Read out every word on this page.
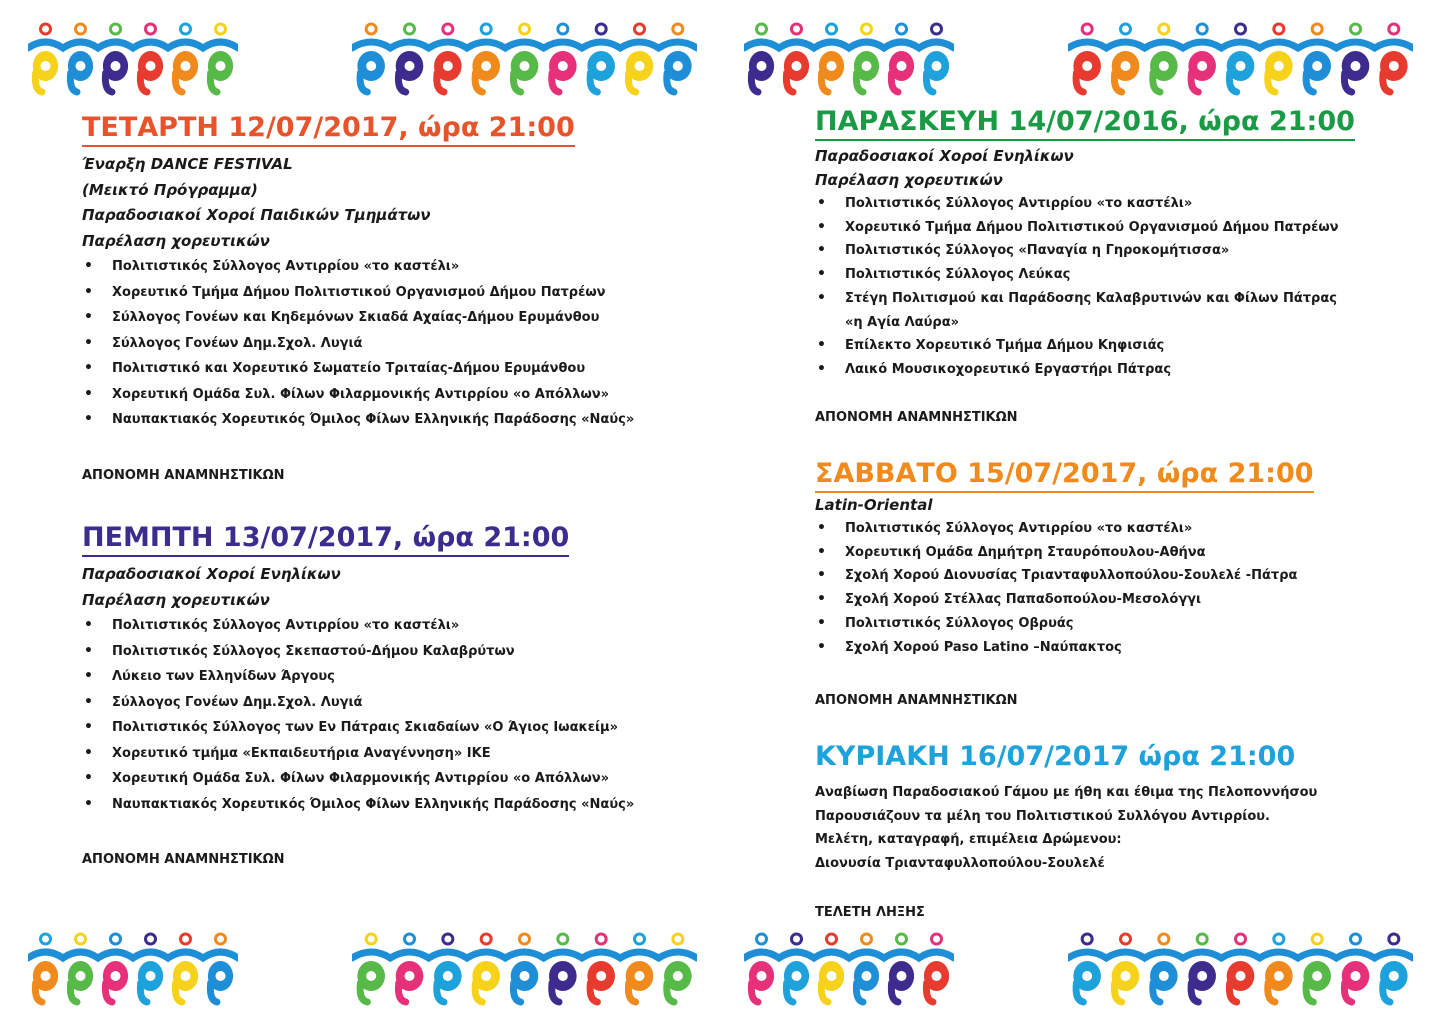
ΤΕΤΑΡΤΗ 12/07/2017, ώρα 21:00
Έναρξη DANCE FESTIVAL
(Μεικτό Πρόγραμμα)
Παραδοσιακοί Χοροί Παιδικών Τμημάτων
Παρέλαση χορευτικών
• Πολιτιστικός Σύλλογος Αντιρρίου «το καστέλι»
• Χορευτικό Τμήμα Δήμου Πολιτιστικού Οργανισμού Δήμου Πατρέων
• Σύλλογος Γονέων και Κηδεμόνων Σκιαδά Αχαίας-Δήμου Ερυμάνθου
• Σύλλογος Γονέων Δημ.Σχολ. Λυγιά
• Πολιτιστικό και Χορευτικό Σωματείο Τριταίας-Δήμου Ερυμάνθου
• Χορευτική Ομάδα Συλ. Φίλων Φιλαρμονικής Αντιρρίου «ο Απόλλων»
• Ναυπακτιακός Χορευτικός Όμιλος Φίλων Ελληνικής Παράδοσης «Ναύς»
ΑΠΟΝΟΜΗ ΑΝΑΜΝΗΣΤΙΚΩΝ
ΠΕΜΠΤΗ 13/07/2017, ώρα 21:00
Παραδοσιακοί Χοροί Ενηλίκων
Παρέλαση χορευτικών
• Πολιτιστικός Σύλλογος Αντιρρίου «το καστέλι»
• Πολιτιστικός Σύλλογος Σκεπαστού-Δήμου Καλαβρύτων
• Λύκειο των Ελληνίδων Άργους
• Σύλλογος Γονέων Δημ.Σχολ. Λυγιά
• Πολιτιστικός Σύλλογος των Εν Πάτραις Σκιαδαίων «Ο Άγιος Ιωακείμ»
• Χορευτικό τμήμα «Εκπαιδευτήρια Αναγέννηση» ΙΚΕ
• Χορευτική Ομάδα Συλ. Φίλων Φιλαρμονικής Αντιρρίου «ο Απόλλων»
• Ναυπακτιακός Χορευτικός Όμιλος Φίλων Ελληνικής Παράδοσης «Ναύς»
ΑΠΟΝΟΜΗ ΑΝΑΜΝΗΣΤΙΚΩΝ
ΠΑΡΑΣΚΕΥΗ 14/07/2016, ώρα 21:00
Παραδοσιακοί Χοροί Ενηλίκων
Παρέλαση χορευτικών
• Πολιτιστικός Σύλλογος Αντιρρίου «το καστέλι»
• Χορευτικό Τμήμα Δήμου Πολιτιστικού Οργανισμού Δήμου Πατρέων
• Πολιτιστικός Σύλλογος «Παναγία η Γηροκομήτισσα»
• Πολιτιστικός Σύλλογος Λεύκας
• Στέγη Πολιτισμού και Παράδοσης Καλαβρυτινών και Φίλων Πάτρας
«η Αγία Λαύρα»
• Επίλεκτο Χορευτικό Τμήμα Δήμου Κηφισιάς
• Λαικό Μουσικοχορευτικό Εργαστήρι Πάτρας
ΑΠΟΝΟΜΗ ΑΝΑΜΝΗΣΤΙΚΩΝ
ΣΑΒΒΑΤΟ 15/07/2017, ώρα 21:00
Latin-Oriental
• Πολιτιστικός Σύλλογος Αντιρρίου «το καστέλι»
• Χορευτική Ομάδα Δημήτρη Σταυρόπουλου-Αθήνα
• Σχολή Χορού Διονυσίας Τριανταφυλλοπούλου-Σουλελέ -Πάτρα
• Σχολή Χορού Στέλλας Παπαδοπούλου-Μεσολόγγι
• Πολιτιστικός Σύλλογος Οβρυάς
• Σχολή Χορού Paso Latino –Ναύπακτος
ΑΠΟΝΟΜΗ ΑΝΑΜΝΗΣΤΙΚΩΝ
ΚΥΡΙΑΚΗ 16/07/2017 ώρα 21:00
Αναβίωση Παραδοσιακού Γάμου με ήθη και έθιμα της Πελοποννήσου
Παρουσιάζουν τα μέλη του Πολιτιστικού Συλλόγου Αντιρρίου.
Μελέτη, καταγραφή, επιμέλεια Δρώμενου:
Διονυσία Τριανταφυλλοπούλου-Σουλελέ
ΤΕΛΕΤΗ ΛΗΞΗΣ
